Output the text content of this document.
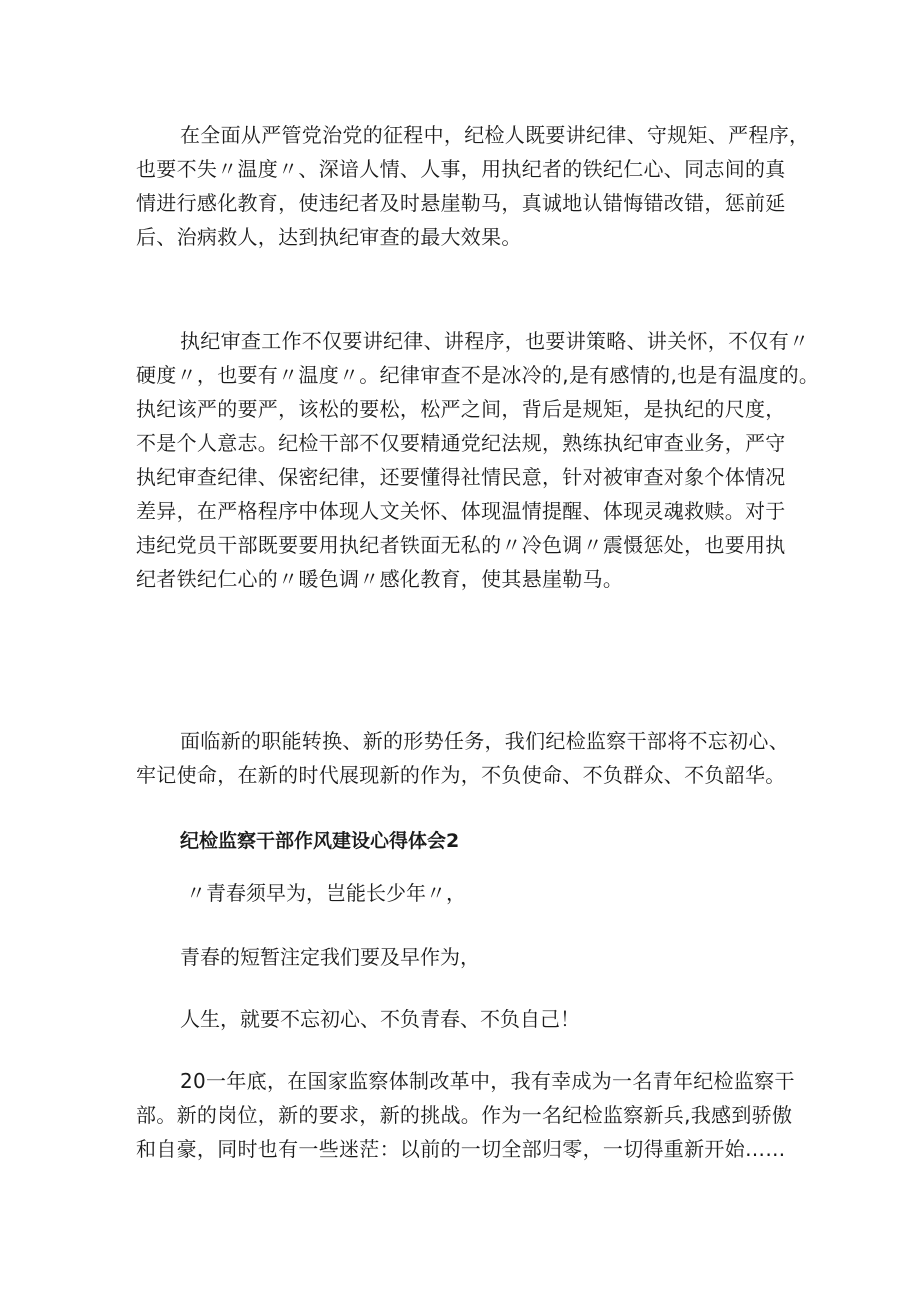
在全面从严管党治党的征程中，纪检人既要讲纪律、守规矩、严程序，
也要不失〃温度〃、深谙人情、人事，用执纪者的铁纪仁心、同志间的真
情进行感化教育，使违纪者及时悬崖勒马，真诚地认错悔错改错，惩前延
后、治病救人，达到执纪审查的最大效果。

执纪审查工作不仅要讲纪律、讲程序，也要讲策略、讲关怀，不仅有〃
硬度〃，也要有〃温度〃。纪律审查不是冰冷的,是有感情的,也是有温度的。
执纪该严的要严，该松的要松，松严之间，背后是规矩，是执纪的尺度，
不是个人意志。纪检干部不仅要精通党纪法规，熟练执纪审查业务，严守
执纪审查纪律、保密纪律，还要懂得社情民意，针对被审查对象个体情况
差异，在严格程序中体现人文关怀、体现温情提醒、体现灵魂救赎。对于
违纪党员干部既要要用执纪者铁面无私的〃冷色调〃震慑惩处，也要用执
纪者铁纪仁心的〃暖色调〃感化教育，使其悬崖勒马。

面临新的职能转换、新的形势任务，我们纪检监察干部将不忘初心、
牢记使命，在新的时代展现新的作为，不负使命、不负群众、不负韶华。

纪检监察干部作风建设心得体会2

〃青春须早为，岂能长少年〃，

青春的短暂注定我们要及早作为，

人生，就要不忘初心、不负青春、不负自己！

20一年底，在国家监察体制改革中，我有幸成为一名青年纪检监察干
部。新的岗位，新的要求，新的挑战。作为一名纪检监察新兵,我感到骄傲
和自豪，同时也有一些迷茫：以前的一切全部归零，一切得重新开始……
